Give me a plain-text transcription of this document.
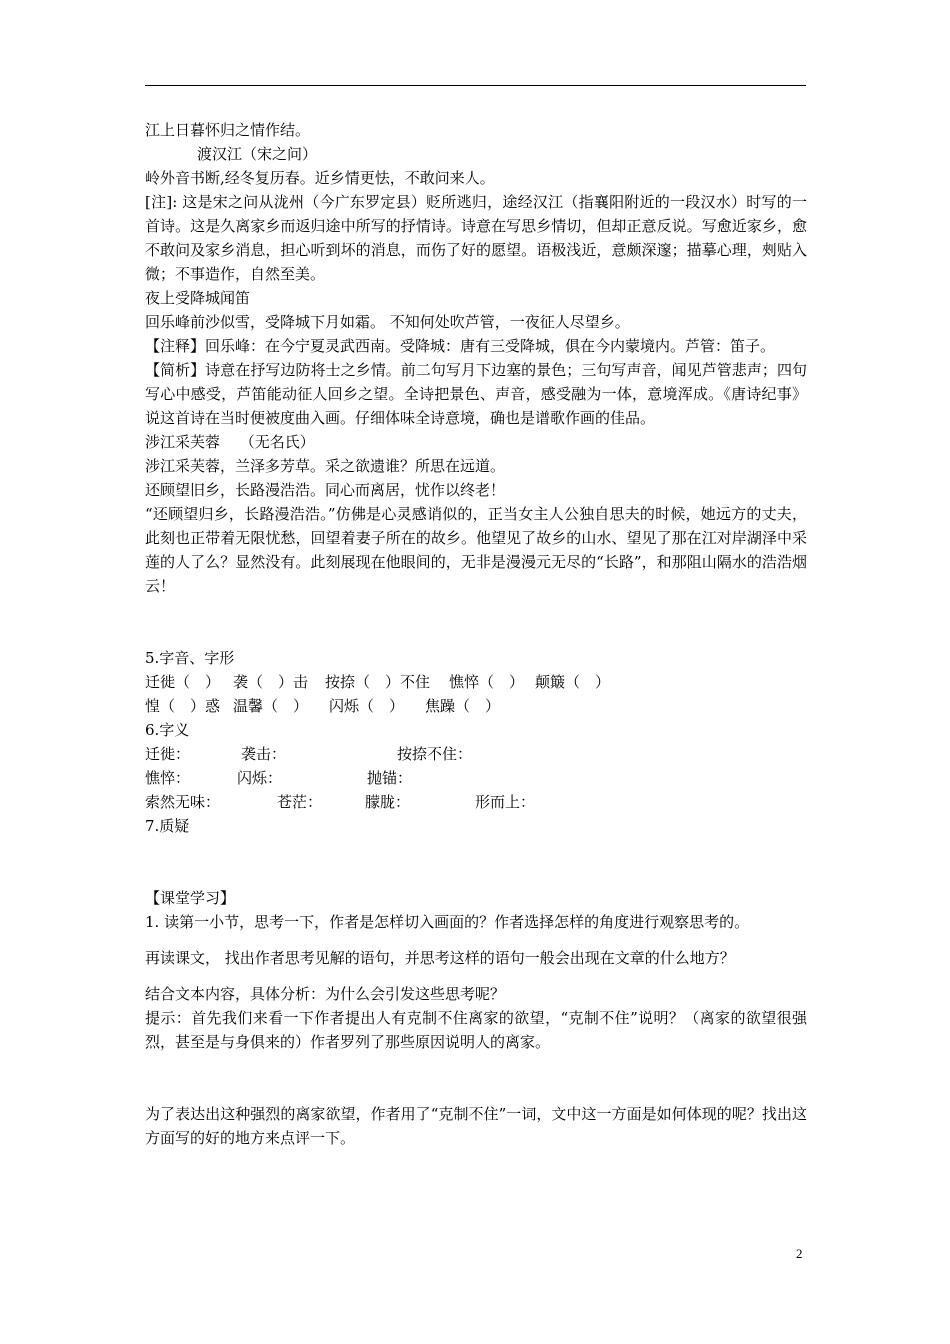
江上日暮怀归之情作结。

渡汉江（宋之问）

岭外音书断,经冬复历春。近乡情更怯，不敢问来人。

[注]: 这是宋之问从泷州（今广东罗定县）贬所逃归，途经汉江（指襄阳附近的一段汉水）时写的一首诗。这是久离家乡而返归途中所写的抒情诗。诗意在写思乡情切，但却正意反说。写愈近家乡，愈不敢问及家乡消息，担心听到坏的消息，而伤了好的愿望。语极浅近，意颇深邃；描摹心理，㓨贴入微；不事造作，自然至美。

夜上受降城闻笛

回乐峰前沙似雪，受降城下月如霜。 不知何处吹芦管，一夜征人尽望乡。

【注释】回乐峰：在今宁夏灵武西南。受降城：唐有三受降城，俱在今内蒙境内。芦管：笛子。

【简析】诗意在抒写边防将士之乡情。前二句写月下边塞的景色；三句写声音，闻见芦管悲声；四句写心中感受，芦笛能动征人回乡之望。全诗把景色、声音，感受融为一体，意境浑成。《唐诗纪事》说这首诗在当时便被度曲入画。仔细体味全诗意境，确也是谱歌作画的佳品。

涉江采芙蓉　 （无名氏）

涉江采芙蓉，兰泽多芳草。采之欲遗谁？所思在远道。

还顾望旧乡，长路漫浩浩。同心而离居，忧作以终老！

“还顾望归乡，长路漫浩浩。”仿佛是心灵感诮似的，正当女主人公独自思夫的时候，她远方的丈夫，此刻也正带着无限忧愁，回望着妻子所在的故乡。他望见了故乡的山水、望见了那在江对岸湖泽中采莲的人了么？显然没有。此刻展现在他眼间的，无非是漫漫元无尽的“长路”，和那阻山隔水的浩浩烟云！

5.字音、字形

迁徙（　） 袭（　）击	按捺（　）不住	憔悴（　） 颠簸（　）
惶（　）惑 温馨（　）	闪烁（　）	焦躁（　）

6.字义

迁徙：	袭击：	按捺不住：
憔悴：	闪烁：	抛锚：
索然无味：	苍茫：	朦胧：	形而上：

7.质疑

【课堂学习】

1. 读第一小节，思考一下，作者是怎样切入画面的？作者选择怎样的角度进行观察思考的。

再读课文， 找出作者思考见解的语句，并思考这样的语句一般会出现在文章的什么地方？

结合文本内容，具体分析：为什么会引发这些思考呢？

提示：首先我们来看一下作者提出人有克制不住离家的欲望，“克制不住”说明？（离家的欲望很强烈，甚至是与身俱来的）作者罗列了那些原因说明人的离家。

为了表达出这种强烈的离家欲望，作者用了“克制不住”一词，文中这一方面是如何体现的呢？找出这方面写的好的地方来点评一下。

2
